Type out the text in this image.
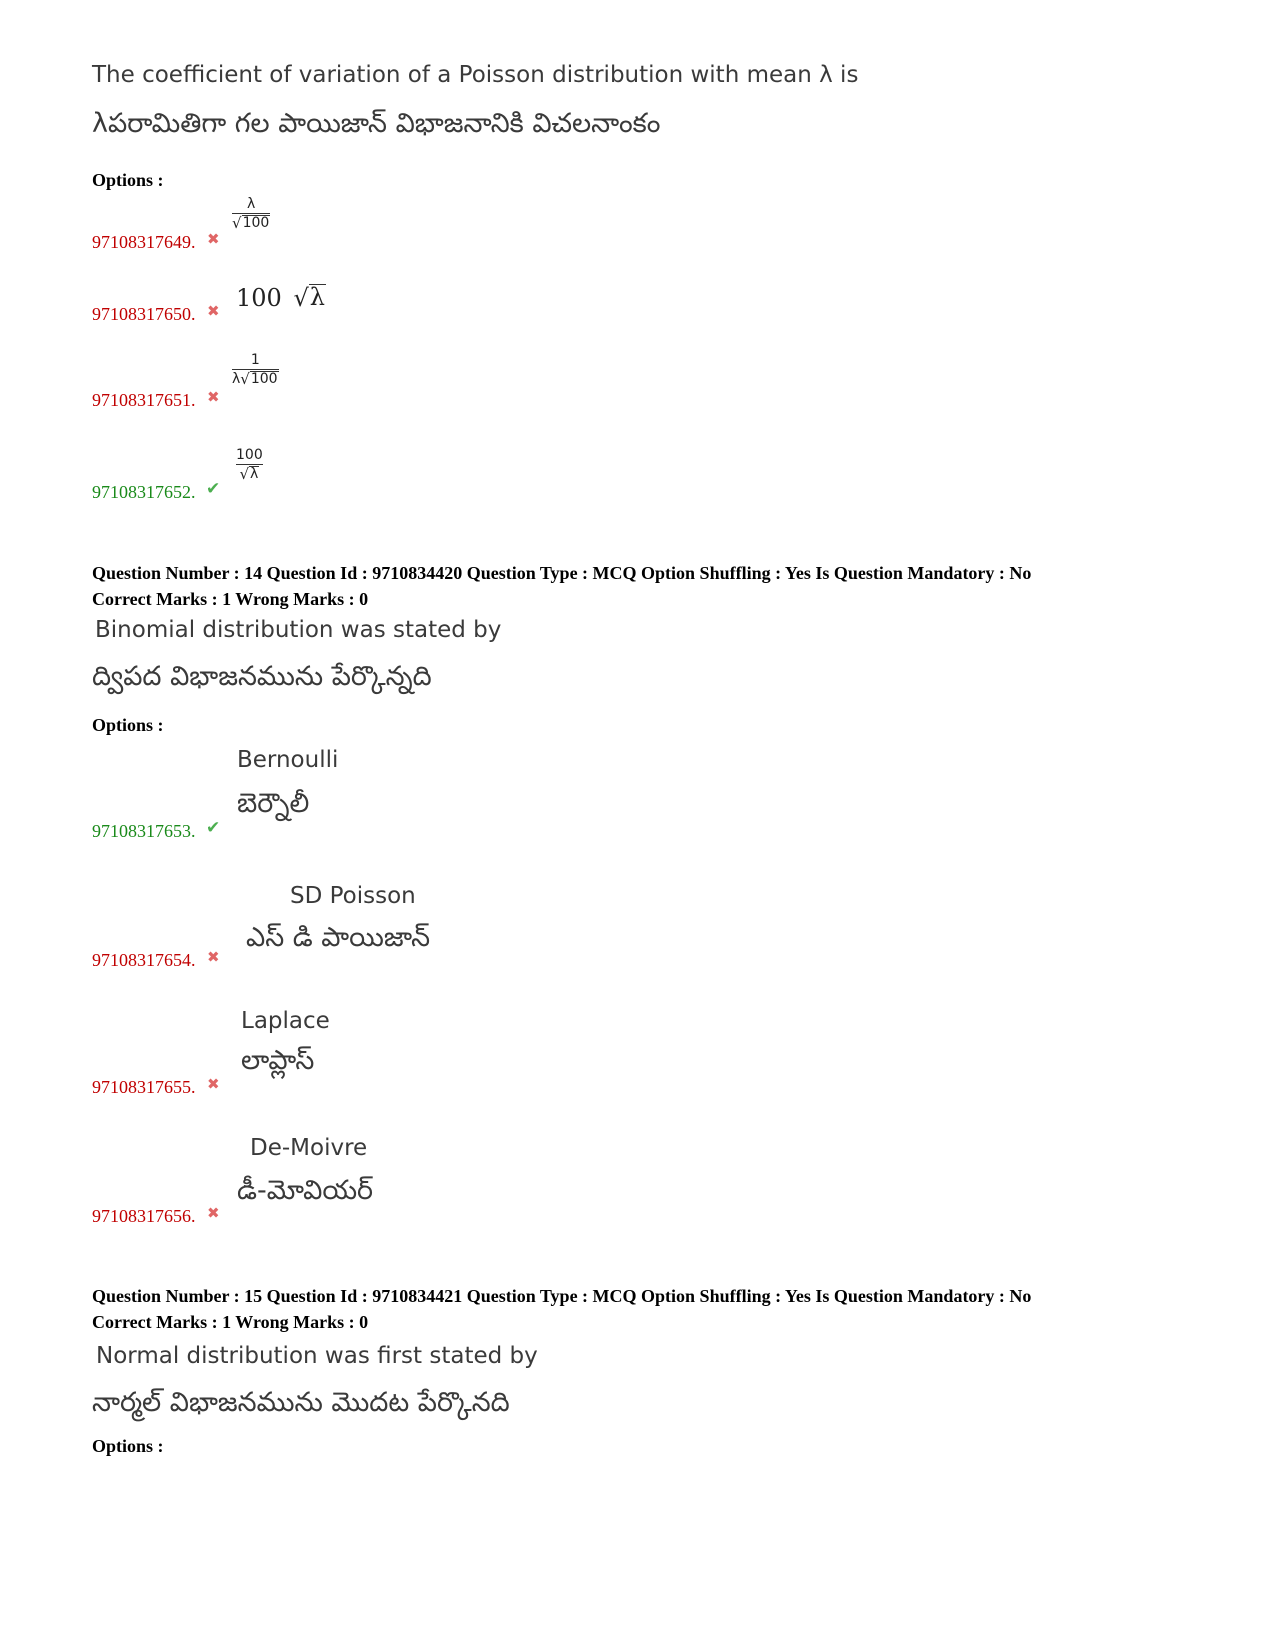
The coefficient of variation of a Poisson distribution with mean λ is
λపరామితిగా గల పాయిజాన్ విభాజనానికి విచలనాంకం
Options :
97108317649. ✖
λ
√ 100
97108317650. ✖ 100 √ λ
97108317651. ✖
1
λ √ 100
97108317652. ✔
100
√ λ
Question Number : 14 Question Id : 9710834420 Question Type : MCQ Option Shuffling : Yes Is Question Mandatory : No
Correct Marks : 1 Wrong Marks : 0
Binomial distribution was stated by
ద్విపద విభాజనమును పేర్కొన్నది
Options :
Bernoulli
బెర్నౌలీ
97108317653. ✔
SD Poisson
ఎస్ డి పాయిజాన్
97108317654. ✖
Laplace
లాప్లాస్
97108317655. ✖
De-Moivre
డీ-మోవియర్
97108317656. ✖
Question Number : 15 Question Id : 9710834421 Question Type : MCQ Option Shuffling : Yes Is Question Mandatory : No
Correct Marks : 1 Wrong Marks : 0
Normal distribution was first stated by
నార్మల్ విభాజనమును మొదట పేర్కొనది
Options :
